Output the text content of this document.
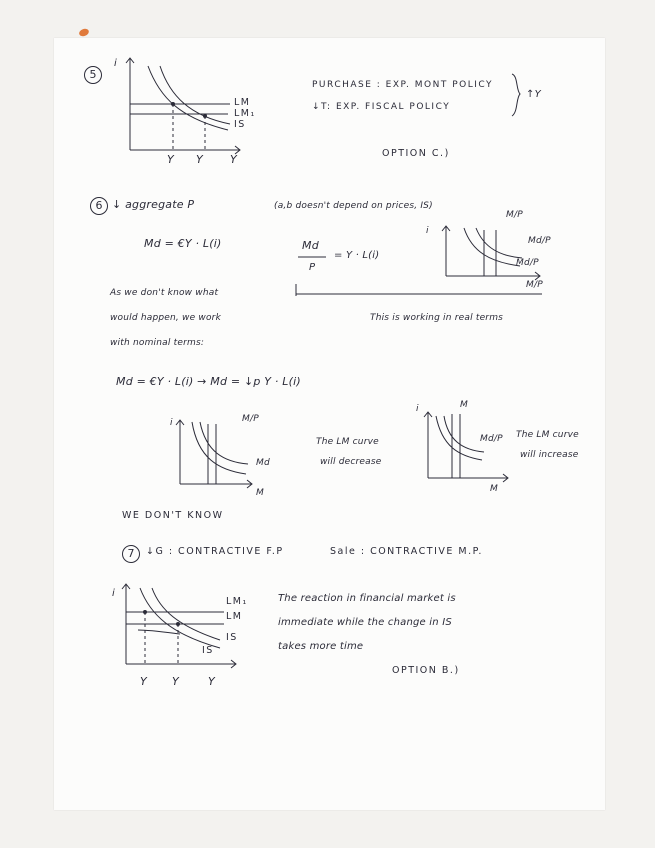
5
i
LM
LM₁
IS
Y Y Y
PURCHASE : EXP. MONT POLICY
↓T: EXP. FISCAL POLICY
↑Y
OPTION C.)
6 ↓ aggregate P	(a,b doesn't depend on prices, IS)
Md = €Y · L(i)	Md
P
= Y · L(i)
i
M/P
Md/P
Md/P
M/P
As we don't know what
would happen, we work
with nominal terms:
This is working in real terms
Md = €Y · L(i) → Md = ↓p Y · L(i)
i	M/P
Md
M
The LM curve
will decrease
i	M
Md/P
M
The LM curve
will increase
WE DON'T KNOW
7	↓G : CONTRACTIVE F.P	Sale : CONTRACTIVE M.P.
i
LM₁
LM
IS
IS
Y Y	Y
The reaction in financial market is
immediate while the change in IS
takes more time
OPTION B.)
